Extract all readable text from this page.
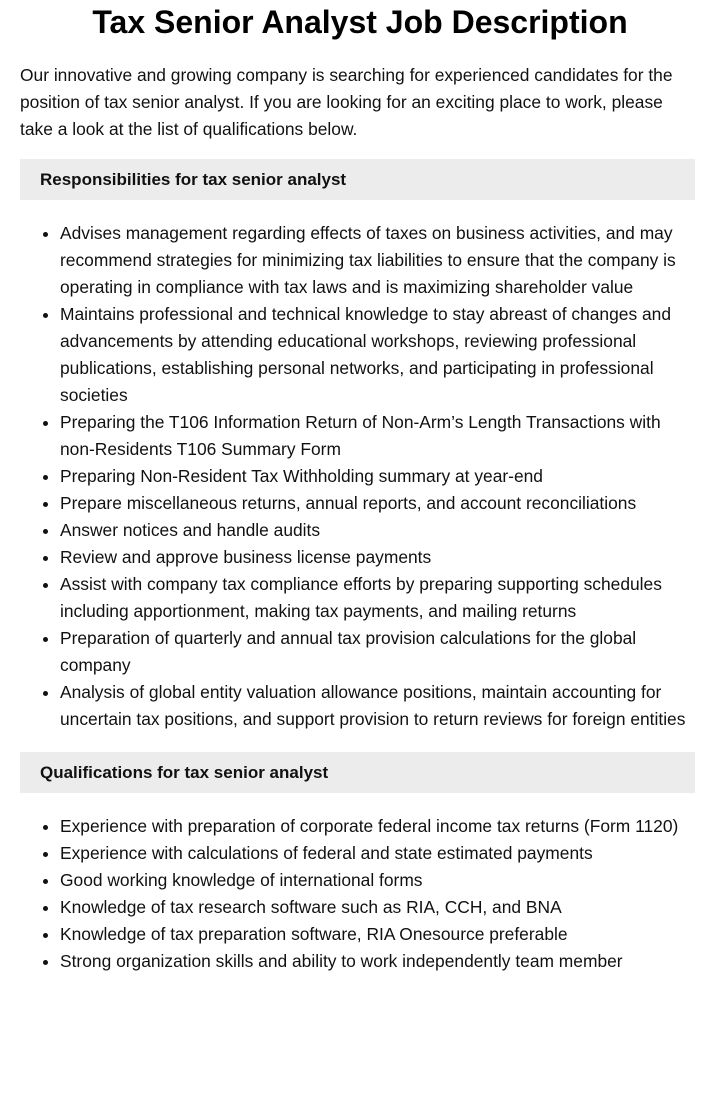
Tax Senior Analyst Job Description

Our innovative and growing company is searching for experienced candidates for the position of tax senior analyst. If you are looking for an exciting place to work, please take a look at the list of qualifications below.

Responsibilities for tax senior analyst
• Advises management regarding effects of taxes on business activities, and may recommend strategies for minimizing tax liabilities to ensure that the company is operating in compliance with tax laws and is maximizing shareholder value
• Maintains professional and technical knowledge to stay abreast of changes and advancements by attending educational workshops, reviewing professional publications, establishing personal networks, and participating in professional societies
• Preparing the T106 Information Return of Non-Arm’s Length Transactions with non-Residents T106 Summary Form
• Preparing Non-Resident Tax Withholding summary at year-end
• Prepare miscellaneous returns, annual reports, and account reconciliations
• Answer notices and handle audits
• Review and approve business license payments
• Assist with company tax compliance efforts by preparing supporting schedules including apportionment, making tax payments, and mailing returns
• Preparation of quarterly and annual tax provision calculations for the global company
• Analysis of global entity valuation allowance positions, maintain accounting for uncertain tax positions, and support provision to return reviews for foreign entities
Qualifications for tax senior analyst
• Experience with preparation of corporate federal income tax returns (Form 1120)
• Experience with calculations of federal and state estimated payments
• Good working knowledge of international forms
• Knowledge of tax research software such as RIA, CCH, and BNA
• Knowledge of tax preparation software, RIA Onesource preferable
• Strong organization skills and ability to work independently team member
